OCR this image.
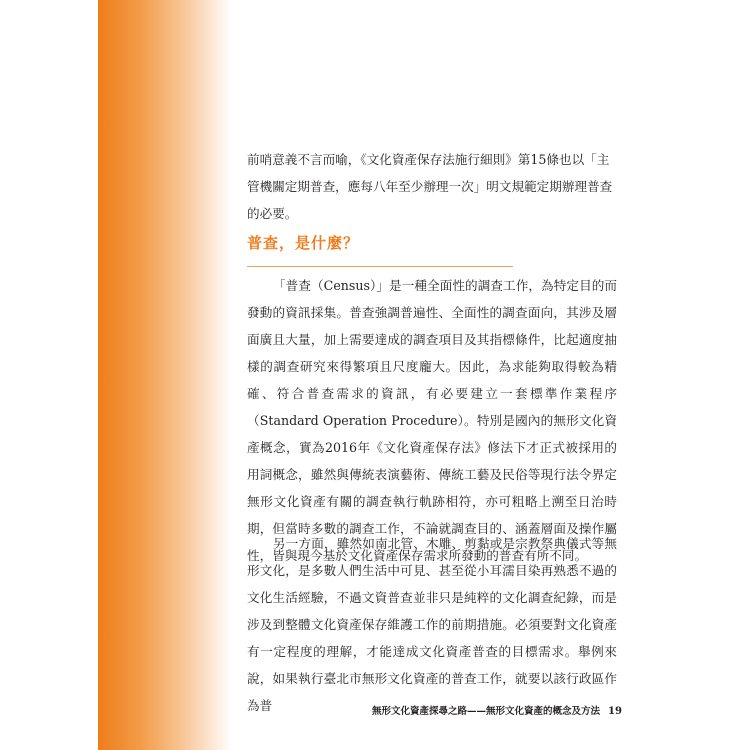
前哨意義不言而喻，《文化資產保存法施行細則》第15條也以「主管機關定期普查，應每八年至少辦理一次」明文規範定期辦理普查的必要。

普查，是什麼？

「普查（Census）」是一種全面性的調查工作，為特定目的而發動的資訊採集。普查強調普遍性、全面性的調查面向，其涉及層面廣且大量，加上需要達成的調查項目及其指標條件，比起適度抽樣的調查研究來得繁項且尺度龐大。因此，為求能夠取得較為精確、符合普查需求的資訊，有必要建立一套標準作業程序（Standard Operation Procedure）。特別是國內的無形文化資產概念，實為2016年《文化資產保存法》修法下才正式被採用的用詞概念，雖然與傳統表演藝術、傳統工藝及民俗等現行法令界定無形文化資產有關的調查執行軌跡相符，亦可粗略上溯至日治時期，但當時多數的調查工作，不論就調查目的、涵蓋層面及操作屬性，皆與現今基於文化資產保存需求所發動的普查有所不同。

另一方面，雖然如南北管、木雕、剪黏或是宗教祭典儀式等無形文化，是多數人們生活中可見、甚至從小耳濡目染再熟悉不過的文化生活經驗，不過文資普查並非只是純粹的文化調查紀錄，而是涉及到整體文化資產保存維護工作的前期措施。必須要對文化資產有一定程度的理解，才能達成文化資產普查的目標需求。舉例來說，如果執行臺北市無形文化資產的普查工作，就要以該行政區作為普	無形文化資產探尋之路——無形文化資產的概念及方法 19
